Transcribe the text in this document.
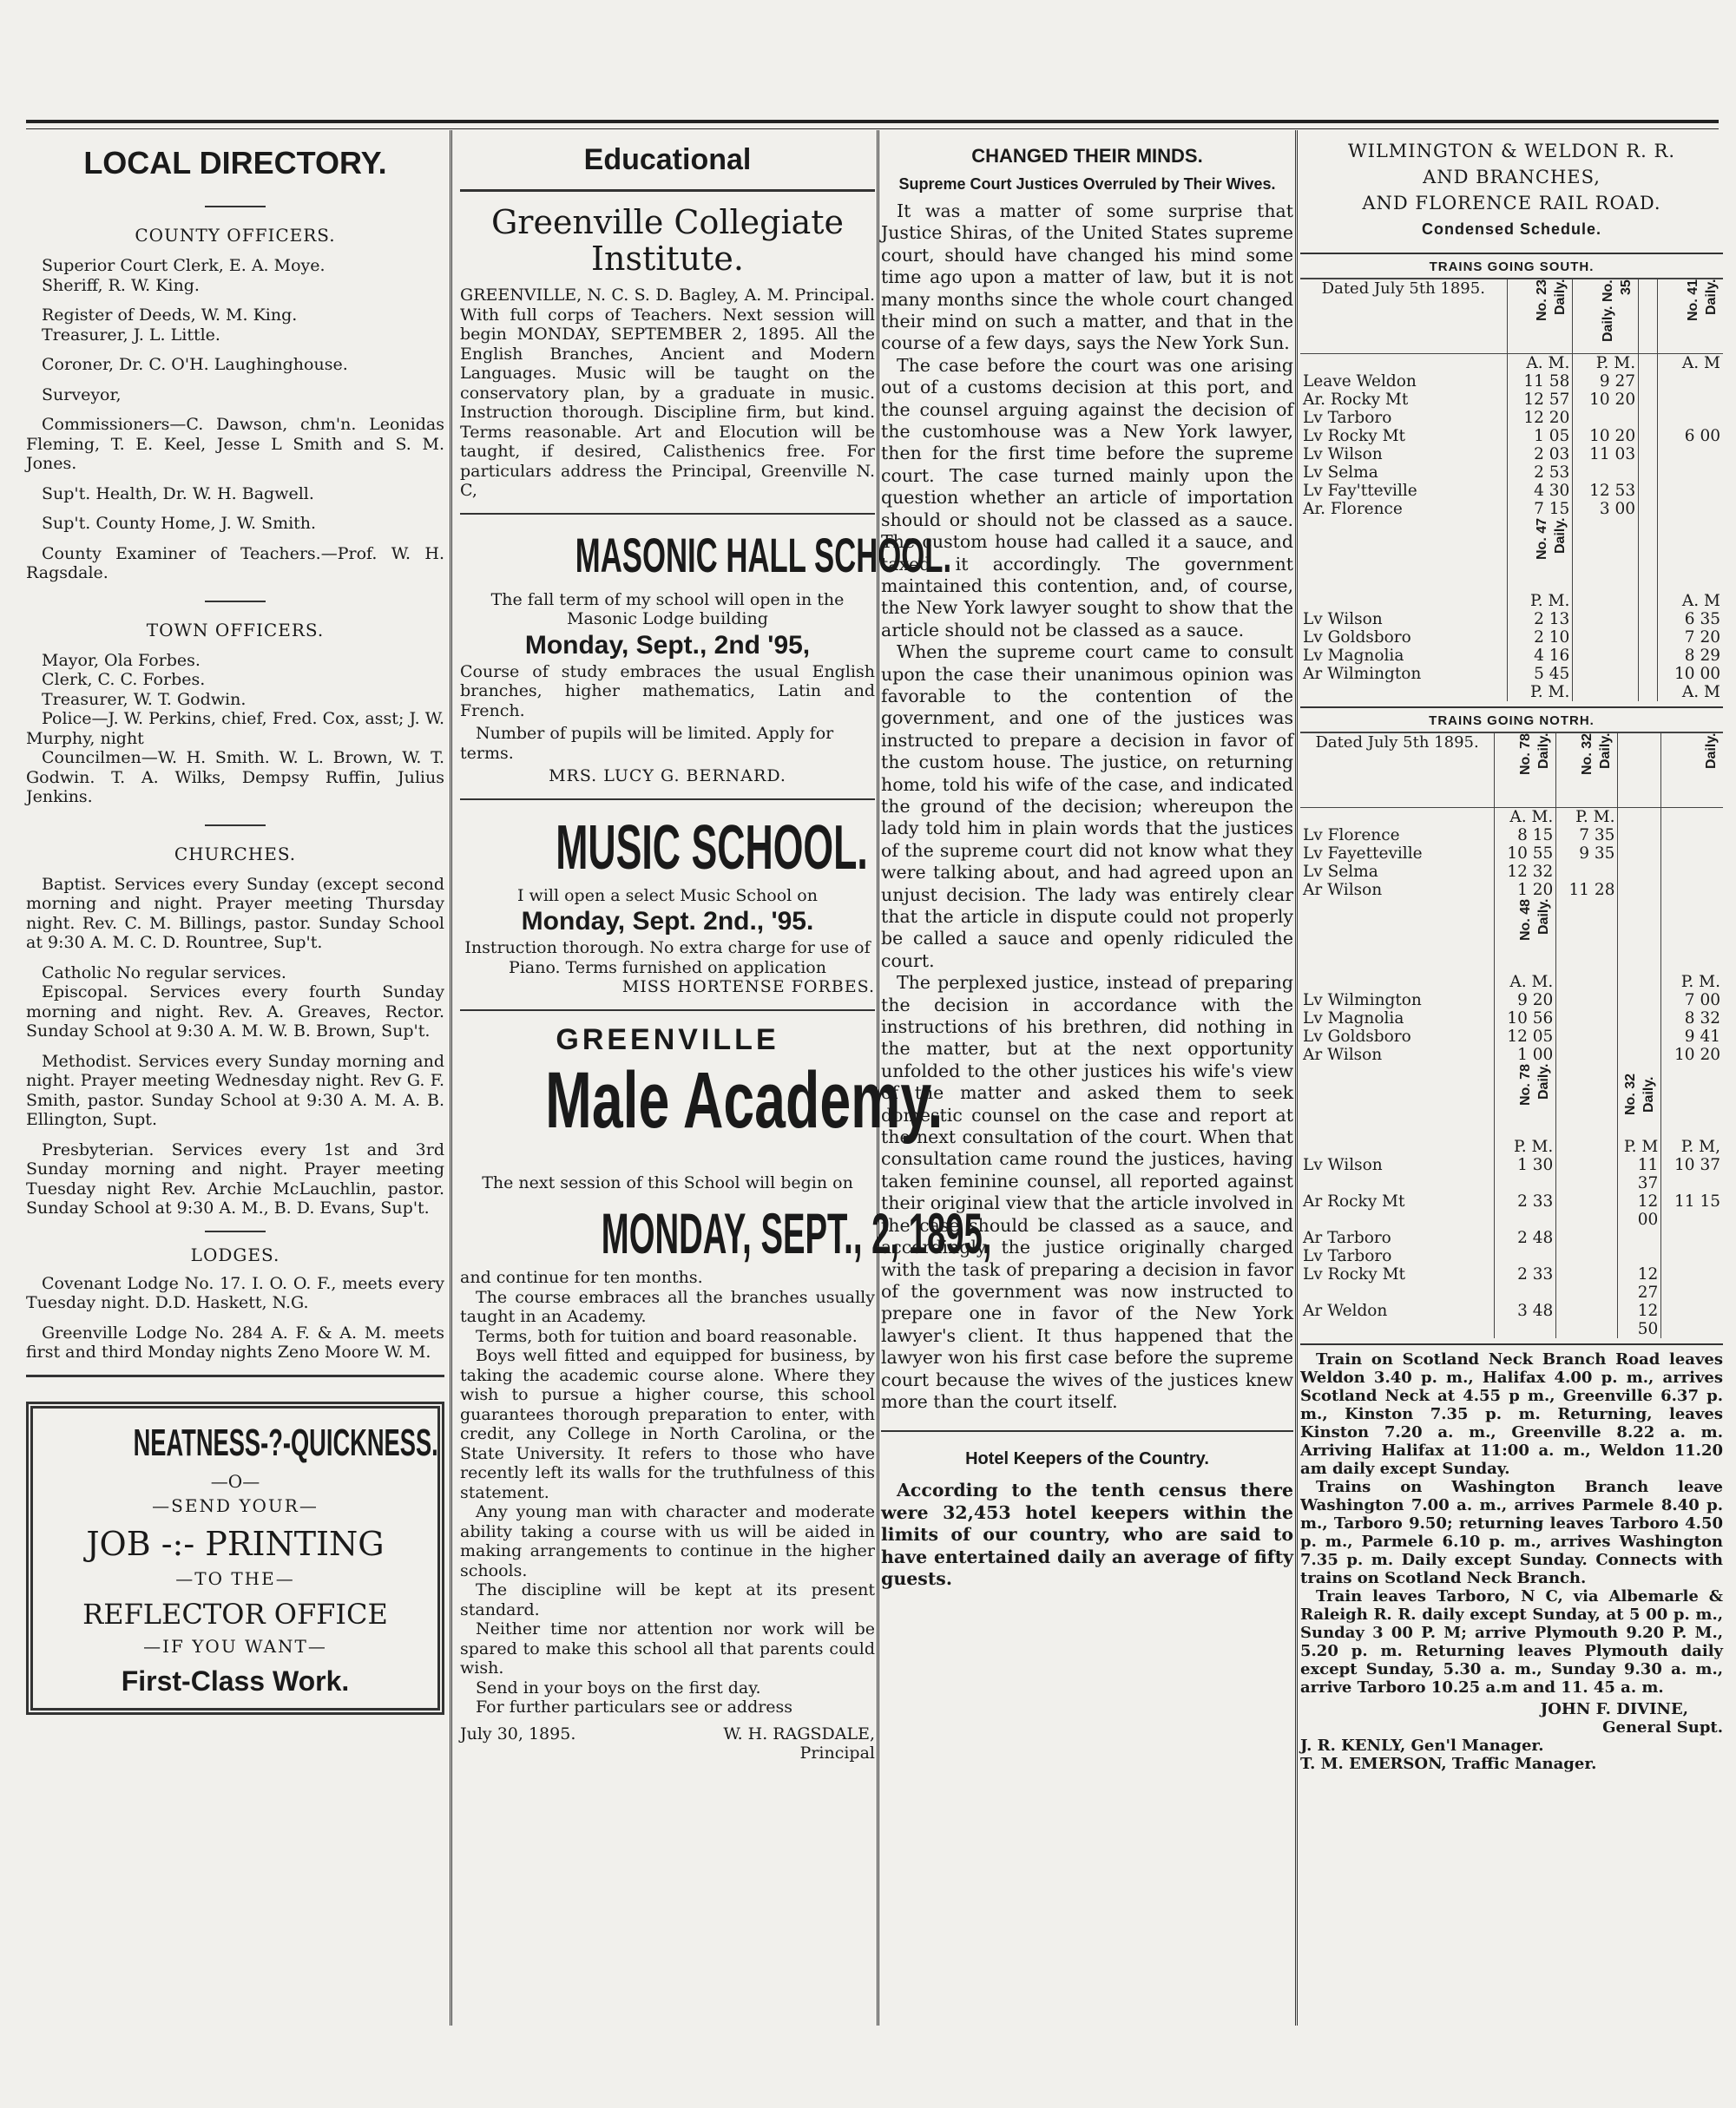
LOCAL DIRECTORY.

COUNTY OFFICERS.

Superior Court Clerk, E. A. Moye.

Sheriff, R. W. King.

Register of Deeds, W. M. King.

Treasurer, J. L. Little.

Coroner, Dr. C. O'H. Laughinghouse.

Surveyor,

Commissioners—C. Dawson, chm'n. Leonidas Fleming, T. E. Keel, Jesse L Smith and S. M. Jones.

Sup't. Health, Dr. W. H. Bagwell.

Sup't. County Home, J. W. Smith.

County Examiner of Teachers.—Prof. W. H. Ragsdale.

TOWN OFFICERS.

Mayor, Ola Forbes.

Clerk, C. C. Forbes.

Treasurer, W. T. Godwin.

Police—J. W. Perkins, chief, Fred. Cox, asst; J. W. Murphy, night

Councilmen—W. H. Smith. W. L. Brown, W. T. Godwin. T. A. Wilks, Dempsy Ruffin, Julius Jenkins.

CHURCHES.

Baptist. Services every Sunday (except second morning and night. Prayer meeting Thursday night. Rev. C. M. Billings, pastor. Sunday School at 9:30 A. M. C. D. Rountree, Sup't.

Catholic No regular services.

Episcopal. Services every fourth Sunday morning and night. Rev. A. Greaves, Rector. Sunday School at 9:30 A. M. W. B. Brown, Sup't.

Methodist. Services every Sunday morning and night. Prayer meeting Wednesday night. Rev G. F. Smith, pastor. Sunday School at 9:30 A. M. A. B. Ellington, Supt.

Presbyterian. Services every 1st and 3rd Sunday morning and night. Prayer meeting Tuesday night Rev. Archie McLauchlin, pastor. Sunday School at 9:30 A. M., B. D. Evans, Sup't.

LODGES.

Covenant Lodge No. 17. I. O. O. F., meets every Tuesday night. D.D. Haskett, N.G.

Greenville Lodge No. 284 A. F. & A. M. meets first and third Monday nights Zeno Moore W. M.

NEATNESS-?-QUICKNESS.

—O—

—SEND YOUR—

JOB -:- PRINTING

—TO THE—

REFLECTOR OFFICE

—IF YOU WANT—

First-Class Work.

Educational

Greenville Collegiate Institute.

GREENVILLE, N. C. S. D. Bagley, A. M. Principal. With full corps of Teachers. Next session will begin MONDAY, SEPTEMBER 2, 1895. All the English Branches, Ancient and Modern Languages. Music will be taught on the conservatory plan, by a graduate in music. Instruction thorough. Discipline firm, but kind. Terms reasonable. Art and Elocution will be taught, if desired, Calisthenics free. For particulars address the Principal, Greenville N. C,

MASONIC HALL SCHOOL.

The fall term of my school will open in the Masonic Lodge building

Monday, Sept., 2nd '95,

Course of study embraces the usual English branches, higher mathematics, Latin and French.

Number of pupils will be limited. Apply for terms.

MRS. LUCY G. BERNARD.

MUSIC SCHOOL.

I will open a select Music School on

Monday, Sept. 2nd., '95.

Instruction thorough. No extra charge for use of Piano. Terms furnished on application

MISS HORTENSE FORBES.

GREENVILLE

Male Academy.

The next session of this School will begin on

MONDAY, SEPT., 2, 1895,

and continue for ten months.

The course embraces all the branches usually taught in an Academy.

Terms, both for tuition and board reasonable.

Boys well fitted and equipped for business, by taking the academic course alone. Where they wish to pursue a higher course, this school guarantees thorough preparation to enter, with credit, any College in North Carolina, or the State University. It refers to those who have recently left its walls for the truthfulness of this statement.

Any young man with character and moderate ability taking a course with us will be aided in making arrangements to continue in the higher schools.

The discipline will be kept at its present standard.

Neither time nor attention nor work will be spared to make this school all that parents could wish.

Send in your boys on the first day.

For further particulars see or address

July 30, 1895.	W. H. RAGSDALE,
Principal

CHANGED THEIR MINDS.

Supreme Court Justices Overruled by Their Wives.

It was a matter of some surprise that Justice Shiras, of the United States supreme court, should have changed his mind some time ago upon a matter of law, but it is not many months since the whole court changed their mind on such a matter, and that in the course of a few days, says the New York Sun.

The case before the court was one arising out of a customs decision at this port, and the counsel arguing against the decision of the customhouse was a New York lawyer, then for the first time before the supreme court. The case turned mainly upon the question whether an article of importation should or should not be classed as a sauce. The custom house had called it a sauce, and taxed it accordingly. The government maintained this contention, and, of course, the New York lawyer sought to show that the article should not be classed as a sauce.

When the supreme court came to consult upon the case their unanimous opinion was favorable to the contention of the government, and one of the justices was instructed to prepare a decision in favor of the custom house. The justice, on returning home, told his wife of the case, and indicated the ground of the decision; whereupon the lady told him in plain words that the justices of the supreme court did not know what they were talking about, and had agreed upon an unjust decision. The lady was entirely clear that the article in dispute could not properly be called a sauce and openly ridiculed the court.

The perplexed justice, instead of preparing the decision in accordance with the instructions of his brethren, did nothing in the matter, but at the next opportunity unfolded to the other justices his wife's view of the matter and asked them to seek domestic counsel on the case and report at the next consultation of the court. When that consultation came round the justices, having taken feminine counsel, all reported against their original view that the article involved in the case should be classed as a sauce, and accordingly the justice originally charged with the task of preparing a decision in favor of the government was now instructed to prepare one in favor of the New York lawyer's client. It thus happened that the lawyer won his first case before the supreme court because the wives of the justices knew more than the court itself.

Hotel Keepers of the Country.

According to the tenth census there were 32,453 hotel keepers within the limits of our country, who are said to have entertained daily an average of fifty guests.

WILMINGTON & WELDON R. R.

AND BRANCHES,

AND FLORENCE RAIL ROAD.

Condensed Schedule.

TRAINS GOING SOUTH.

Dated July 5th 1895.	No. 23 Daily.	Daily. No. 35		No. 41 Daily.
	A. M.	P. M.		A. M
Leave Weldon	11 58	9 27		
Ar. Rocky Mt	12 57	10 20		
Lv Tarboro	12 20			
Lv Rocky Mt	1 05	10 20		6 00
Lv Wilson	2 03	11 03		
Lv Selma	2 53			
Lv Fay'tteville	4 30	12 53		
Ar. Florence	7 15	3 00		
	No. 47 Daily.			
	P. M.			A. M
Lv Wilson	2 13			6 35
Lv Goldsboro	2 10			7 20
Lv Magnolia	4 16			8 29
Ar Wilmington	5 45			10 00
	P. M.			A. M

TRAINS GOING NOTRH.

Dated July 5th 1895.	No. 78 Daily.	No. 32 Daily.		Daily.
	A. M.	P. M.		
Lv Florence	8 15	7 35		
Lv Fayetteville	10 55	9 35		
Lv Selma	12 32			
Ar Wilson	1 20	11 28		
	No. 48 Daily.			
	A. M.			P. M.
Lv Wilmington	9 20			7 00
Lv Magnolia	10 56			8 32
Lv Goldsboro	12 05			9 41
Ar Wilson	1 00			10 20
	No. 78 Daily.		No. 32 Daily.	
	P. M.		P. M	P. M,
Lv Wilson	1 30		11 37	10 37
Ar Rocky Mt	2 33		12 00	11 15
Ar Tarboro	2 48			
Lv Tarboro				
Lv Rocky Mt	2 33		12 27	
Ar Weldon	3 48		12 50	

Train on Scotland Neck Branch Road leaves Weldon 3.40 p. m., Halifax 4.00 p. m., arrives Scotland Neck at 4.55 p m., Greenville 6.37 p. m., Kinston 7.35 p. m. Returning, leaves Kinston 7.20 a. m., Greenville 8.22 a. m. Arriving Halifax at 11:00 a. m., Weldon 11.20 am daily except Sunday.

Trains on Washington Branch leave Washington 7.00 a. m., arrives Parmele 8.40 p. m., Tarboro 9.50; returning leaves Tarboro 4.50 p. m., Parmele 6.10 p. m., arrives Washington 7.35 p. m. Daily except Sunday. Connects with trains on Scotland Neck Branch.

Train leaves Tarboro, N C, via Albemarle & Raleigh R. R. daily except Sunday, at 5 00 p. m., Sunday 3 00 P. M; arrive Plymouth 9.20 P. M., 5.20 p. m. Returning leaves Plymouth daily except Sunday, 5.30 a. m., Sunday 9.30 a. m., arrive Tarboro 10.25 a.m and 11. 45 a. m.

JOHN F. DIVINE,

General Supt.

J. R. KENLY, Gen'l Manager.

T. M. EMERSON, Traffic Manager.
